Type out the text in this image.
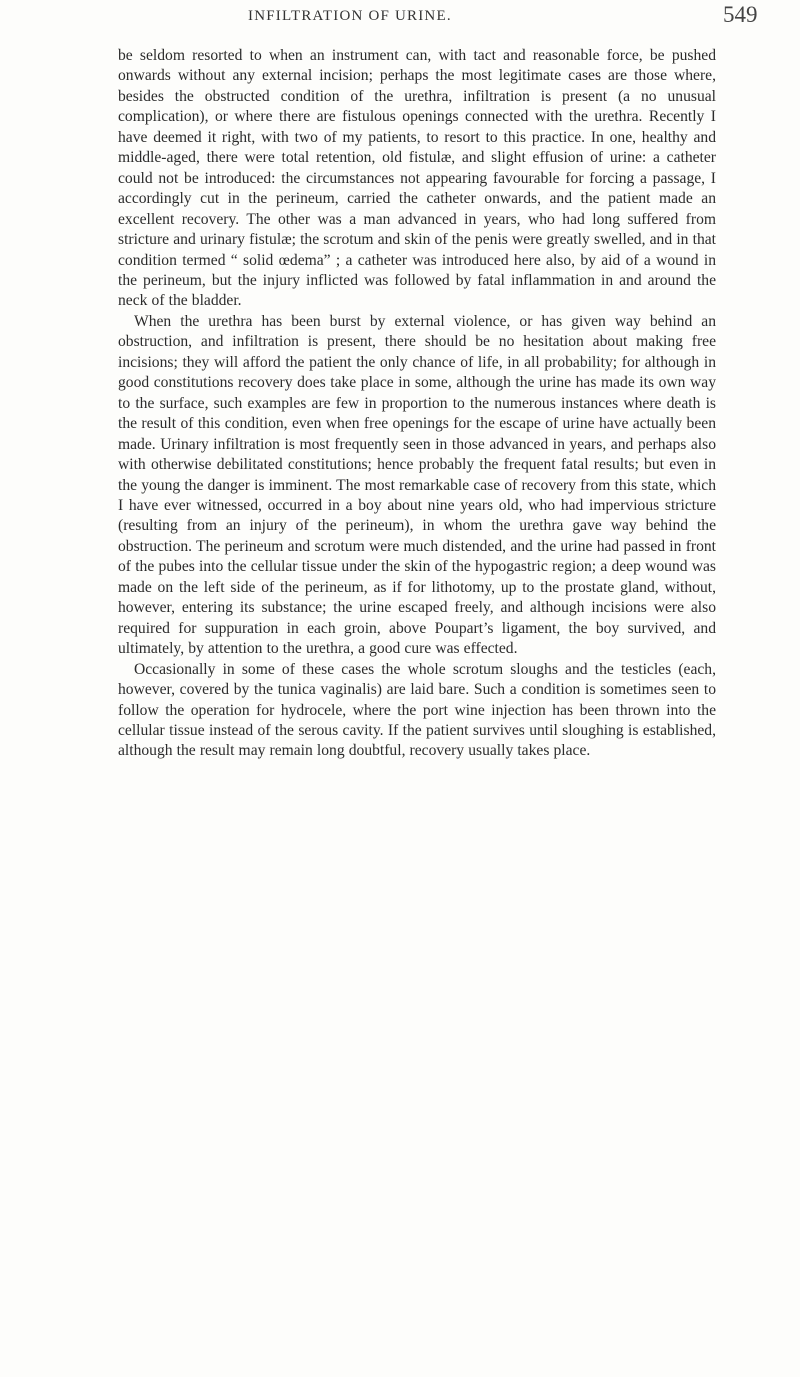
INFILTRATION OF URINE.	549

be seldom resorted to when an instrument can, with tact and reasonable force, be pushed onwards without any external incision; perhaps the most legitimate cases are those where, besides the obstructed condition of the urethra, infiltration is present (a no unusual complication), or where there are fistulous openings connected with the urethra. Recently I have deemed it right, with two of my patients, to resort to this practice. In one, healthy and middle-aged, there were total retention, old fistulæ, and slight effusion of urine: a catheter could not be introduced: the circumstances not appearing favourable for forcing a passage, I accordingly cut in the perineum, carried the catheter onwards, and the patient made an excellent recovery. The other was a man advanced in years, who had long suffered from stricture and urinary fistulæ; the scrotum and skin of the penis were greatly swelled, and in that condition termed “ solid œdema” ; a catheter was introduced here also, by aid of a wound in the perineum, but the injury inflicted was followed by fatal inflammation in and around the neck of the bladder.

When the urethra has been burst by external violence, or has given way behind an obstruction, and infiltration is present, there should be no hesitation about making free incisions; they will afford the patient the only chance of life, in all probability; for although in good constitutions recovery does take place in some, although the urine has made its own way to the surface, such examples are few in proportion to the numerous instances where death is the result of this condition, even when free openings for the escape of urine have actually been made. Urinary infiltration is most frequently seen in those advanced in years, and perhaps also with otherwise debilitated constitutions; hence probably the frequent fatal results; but even in the young the danger is imminent. The most remarkable case of recovery from this state, which I have ever witnessed, occurred in a boy about nine years old, who had impervious stricture (resulting from an injury of the perineum), in whom the urethra gave way behind the obstruction. The perineum and scrotum were much distended, and the urine had passed in front of the pubes into the cellular tissue under the skin of the hypogastric region; a deep wound was made on the left side of the perineum, as if for lithotomy, up to the prostate gland, without, however, entering its substance; the urine escaped freely, and although incisions were also required for suppuration in each groin, above Poupart’s ligament, the boy survived, and ultimately, by attention to the urethra, a good cure was effected.

Occasionally in some of these cases the whole scrotum sloughs and the testicles (each, however, covered by the tunica vaginalis) are laid bare. Such a condition is sometimes seen to follow the operation for hydrocele, where the port wine injection has been thrown into the cellular tissue instead of the serous cavity. If the patient survives until sloughing is established, although the result may remain long doubtful, recovery usually takes place.
